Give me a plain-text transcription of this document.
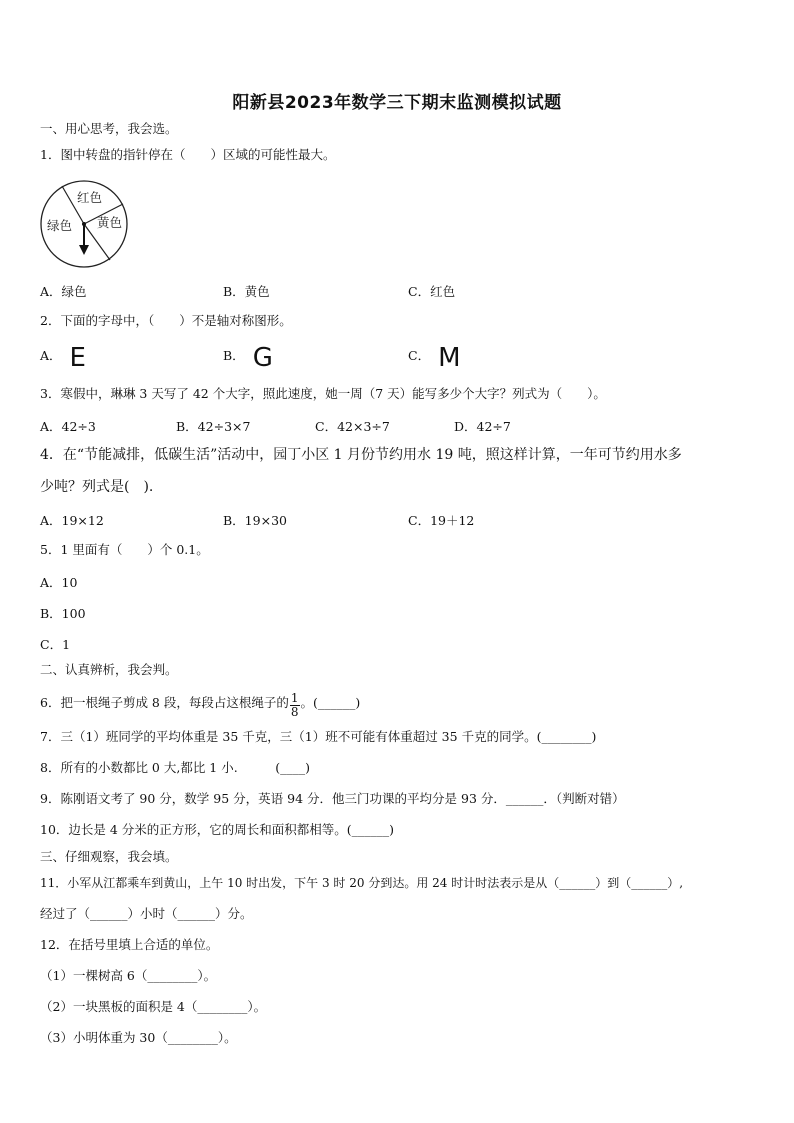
阳新县2023年数学三下期末监测模拟试题
一、用心思考，我会选。
1．图中转盘的指针停在（　　）区域的可能性最大。
红色
绿色 黄色
A．绿色	B．黄色	C．红色
2．下面的字母中，（　　）不是轴对称图形。
A． E	B． G	C． M
3．寒假中，琳琳 3 天写了 42 个大字，照此速度，她一周（7 天）能写多少个大字？列式为（　　）。
A．42÷3	B．42÷3×7	C．42×3÷7	D．42÷7
4．在“节能减排，低碳生活”活动中，园丁小区 1 月份节约用水 19 吨，照这样计算，一年可节约用水多
少吨？列式是(　).
A．19×12	B．19×30	C．19＋12
5．1 里面有（　　）个 0.1。
A．10
B．100
C．1
二、认真辨析，我会判。
6．把一根绳子剪成 8 段，每段占这根绳子的 $\frac{1}{8}$ 。(______)
7．三（1）班同学的平均体重是 35 千克，三（1）班不可能有体重超过 35 千克的同学。(________)
8．所有的小数都比 0 大,都比 1 小.　　　(____)
9．陈刚语文考了 90 分，数学 95 分，英语 94 分．他三门功课的平均分是 93 分．______．（判断对错）
10．边长是 4 分米的正方形，它的周长和面积都相等。(______)
三、仔细观察，我会填。
11．小军从江都乘车到黄山，上午 10 时出发，下午 3 时 20 分到达。用 24 时计时法表示是从（______）到（______）,
经过了（______）小时（______）分。
12．在括号里填上合适的单位。
（1）一棵树高 6（________）。
（2）一块黑板的面积是 4（________）。
（3）小明体重为 30（________）。
